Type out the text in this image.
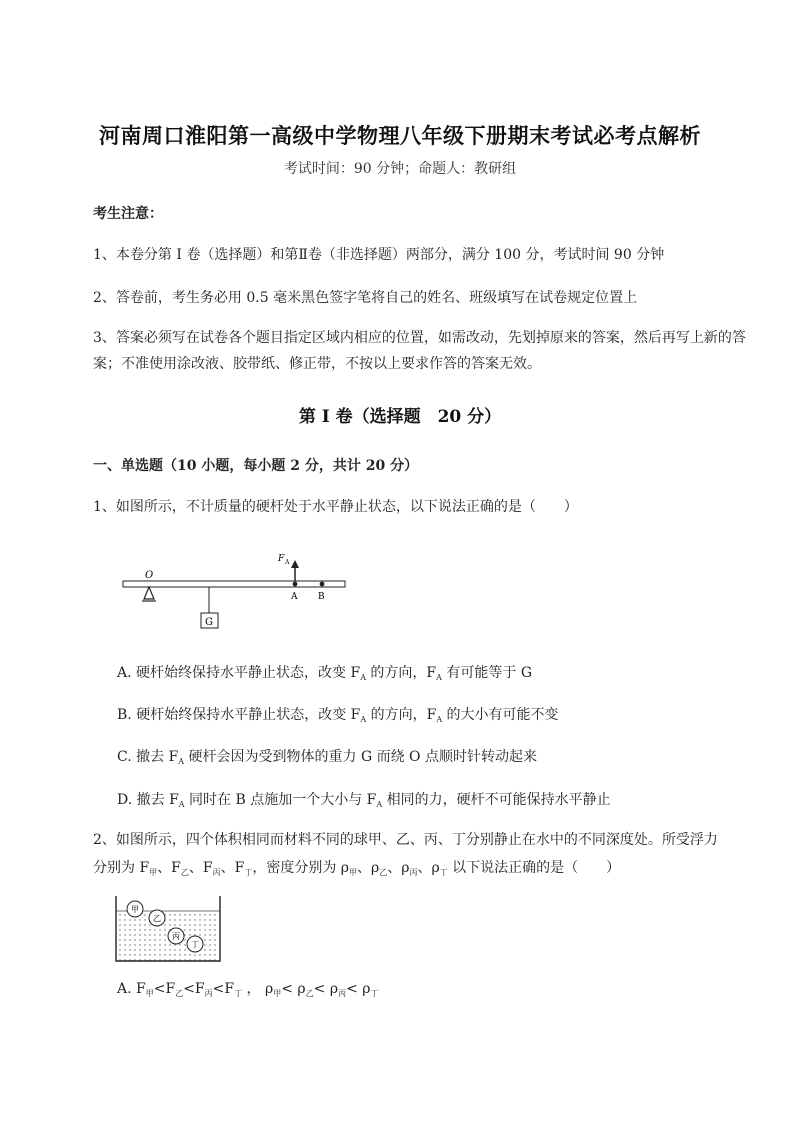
河南周口淮阳第一高级中学物理八年级下册期末考试必考点解析
考试时间：90 分钟；命题人：教研组
考生注意：
1、本卷分第 I 卷（选择题）和第Ⅱ卷（非选择题）两部分，满分 100 分，考试时间 90 分钟
2、答卷前，考生务必用 0.5 毫米黑色签字笔将自己的姓名、班级填写在试卷规定位置上
3、答案必须写在试卷各个题目指定区域内相应的位置，如需改动，先划掉原来的答案，然后再写上新的答案；不准使用涂改液、胶带纸、修正带，不按以上要求作答的答案无效。
第 I 卷（选择题　20 分）
一、单选题（10 小题，每小题 2 分，共计 20 分）
1、如图所示，不计质量的硬杆处于水平静止状态，以下说法正确的是（　　）
O
G
F A
A B
A. 硬杆始终保持水平静止状态，改变 $F_A$ 的方向，$F_A$ 有可能等于 G
B. 硬杆始终保持水平静止状态，改变 $F_A$ 的方向，$F_A$ 的大小有可能不变
C. 撤去 $F_A$ 硬杆会因为受到物体的重力 G 而绕 O 点顺时针转动起来
D. 撤去 $F_A$ 同时在 B 点施加一个大小与 $F_A$ 相同的力，硬杆不可能保持水平静止
2、如图所示，四个体积相同而材料不同的球甲、乙、丙、丁分别静止在水中的不同深度处。所受浮力
分别为 $F_甲$、$F_乙$、$F_丙$、$F_丁$，密度分别为 $\rho_甲$、$\rho_乙$、$\rho_丙$、$\rho_丁$ 以下说法正确的是（　　）
甲
乙
丙
丁
A. $F_甲<F_乙<F_丙<F_丁$ ， $\rho_甲< \rho_乙< \rho_丙< \rho_丁$
